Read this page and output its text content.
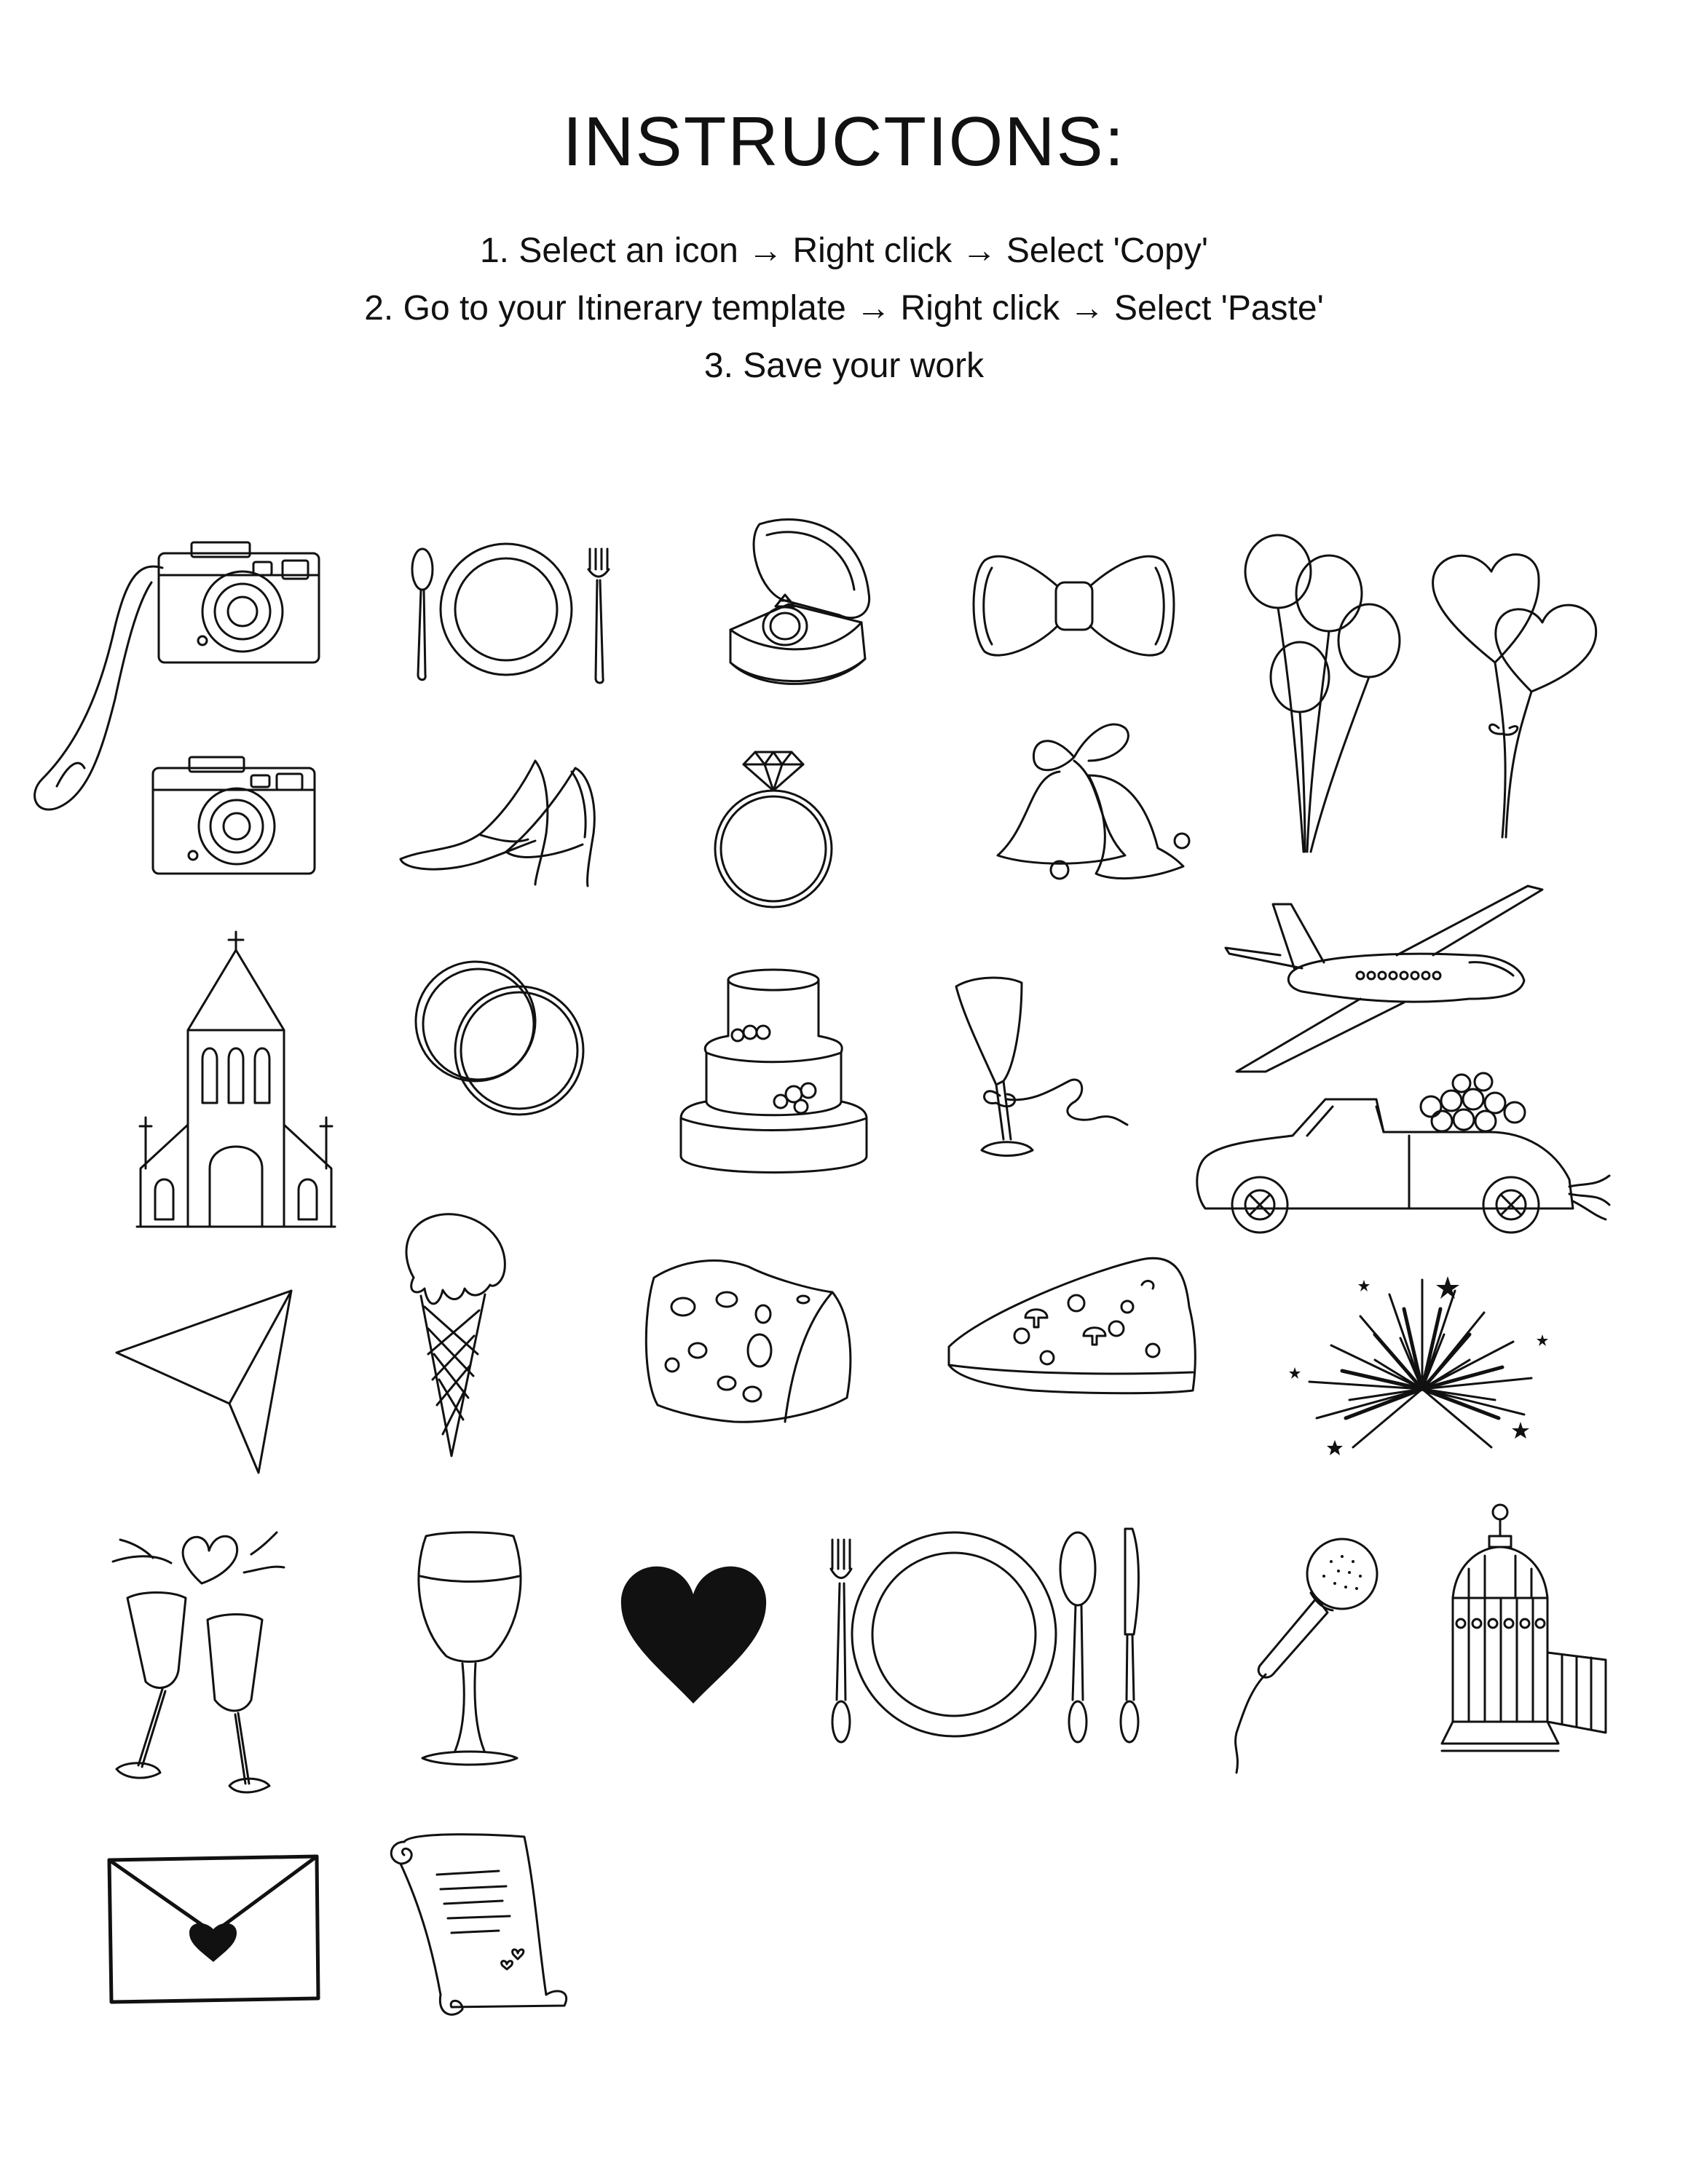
INSTRUCTIONS:
1. Select an icon → Right click → Select 'Copy'
2. Go to your Itinerary template → Right click → Select 'Paste'
3. Save your work
